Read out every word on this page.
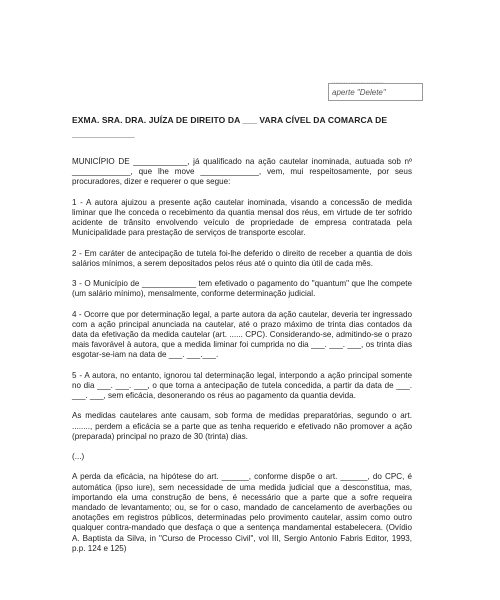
......... .......... ..........
aperte "Delete"
EXMA. SRA. DRA. JUÍZA DE DIREITO DA ___ VARA CÍVEL DA COMARCA DE
_____________

MUNICÍPIO DE ____________, já qualificado na ação cautelar inominada, autuada sob nº _____________, que lhe move _____________, vem, mui respeitosamente, por seus procuradores, dizer e requerer o que segue:

1 - A autora ajuizou a presente ação cautelar inominada, visando a concessão de medida liminar que lhe conceda o recebimento da quantia mensal dos réus, em virtude de ter sofrido acidente de trânsito envolvendo veículo de propriedade de empresa contratada pela Municipalidade para prestação de serviços de transporte escolar.

2 - Em caráter de antecipação de tutela foi-lhe deferido o direito de receber a quantia de dois salários mínimos, a serem depositados pelos réus até o quinto dia útil de cada mês.

3 - O Município de ____________ tem efetivado o pagamento do "quantum" que lhe compete (um salário mínimo), mensalmente, conforme determinação judicial.

4 - Ocorre que por determinação legal, a parte autora da ação cautelar, deveria ter ingressado com a ação principal anunciada na cautelar, até o prazo máximo de trinta dias contados da data da efetivação da medida cautelar (art. ...... CPC). Considerando-se, admitindo-se o prazo mais favorável à autora, que a medida liminar foi cumprida no dia ___. ___. ___, os trinta dias esgotar-se-iam na data de ___. ___.___.

5 - A autora, no entanto, ignorou tal determinação legal, interpondo a ação principal somente no dia ___. ___. ___, o que torna a antecipação de tutela concedida, a partir da data de ___. ___. ___, sem eficácia, desonerando os réus ao pagamento da quantia devida.

As medidas cautelares ante causam, sob forma de medidas preparatórias, segundo o art. ........, perdem a eficácia se a parte que as tenha requerido e efetivado não promover a ação (preparada) principal no prazo de 30 (trinta) dias.

(...)

A perda da eficácia, na hipótese do art. ______, conforme dispõe o art. ______, do CPC, é automática (ipso iure), sem necessidade de uma medida judicial que a desconstitua, mas, importando ela uma construção de bens, é necessário que a parte que a sofre requeira mandado de levantamento; ou, se for o caso, mandado de cancelamento de averbações ou anotações em registros públicos, determinadas pelo provimento cautelar, assim como outro qualquer contra-mandado que desfaça o que a sentença mandamental estabelecera. (Ovídio A. Baptista da Silva, in "Curso de Processo Civil", vol III, Sergio Antonio Fabris Editor, 1993, p.p. 124 e 125)
